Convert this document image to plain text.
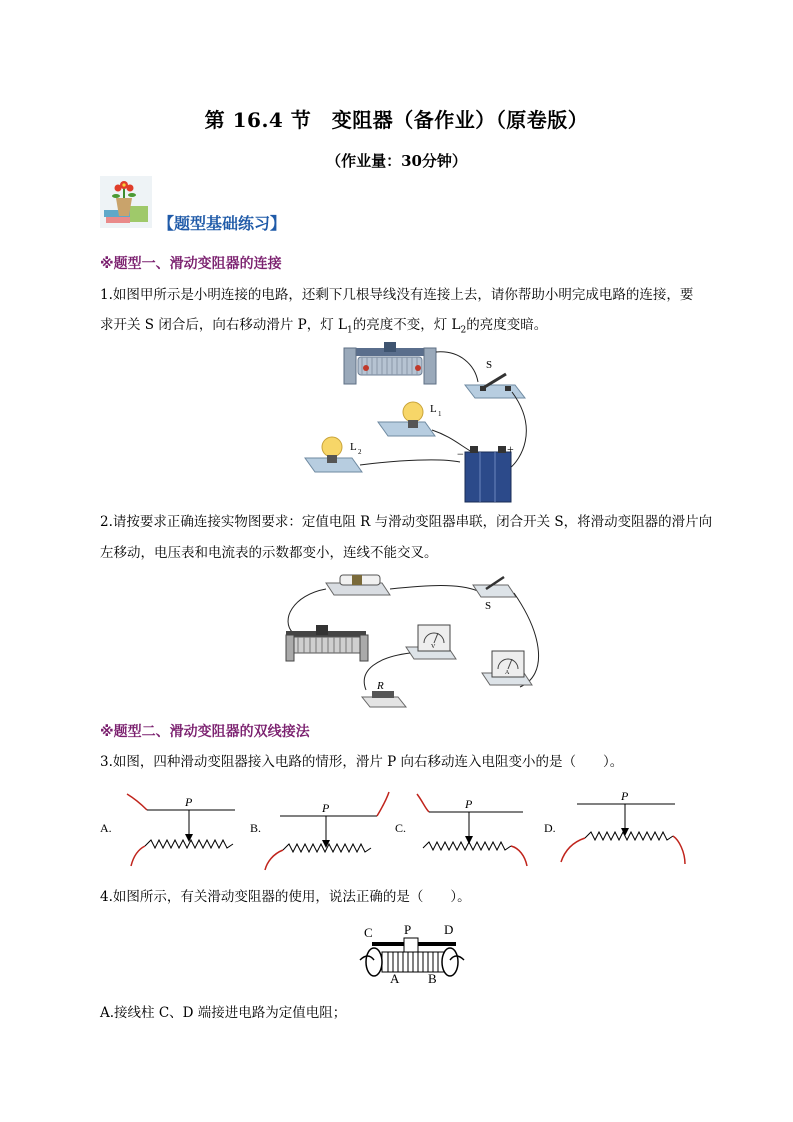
第 16.4 节　变阻器（备作业）（原卷版）
（作业量：30分钟）
【题型基础练习】
※题型一、滑动变阻器的连接
1.如图甲所示是小明连接的电路，还剩下几根导线没有连接上去，请你帮助小明完成电路的连接，要
求开关 S 闭合后，向右移动滑片 P，灯 $L_1$的亮度不变，灯 $L_2$的亮度变暗。
S
L 1
L 2	−	+
2.请按要求正确连接实物图要求：定值电阻 R 与滑动变阻器串联，闭合开关 S，将滑动变阻器的滑片向
左移动，电压表和电流表的示数都变小，连线不能交叉。
S
V
A
R
※题型二、滑动变阻器的双线接法
3.如图，四种滑动变阻器接入电路的情形，滑片 P 向右移动连入电阻变小的是（　　）。
A.
P
B.
P
C.
P
D.
P
4.如图所示，有关滑动变阻器的使用，说法正确的是（　　）。
C P	D
A B
A.接线柱 C、D 端接进电路为定值电阻；
